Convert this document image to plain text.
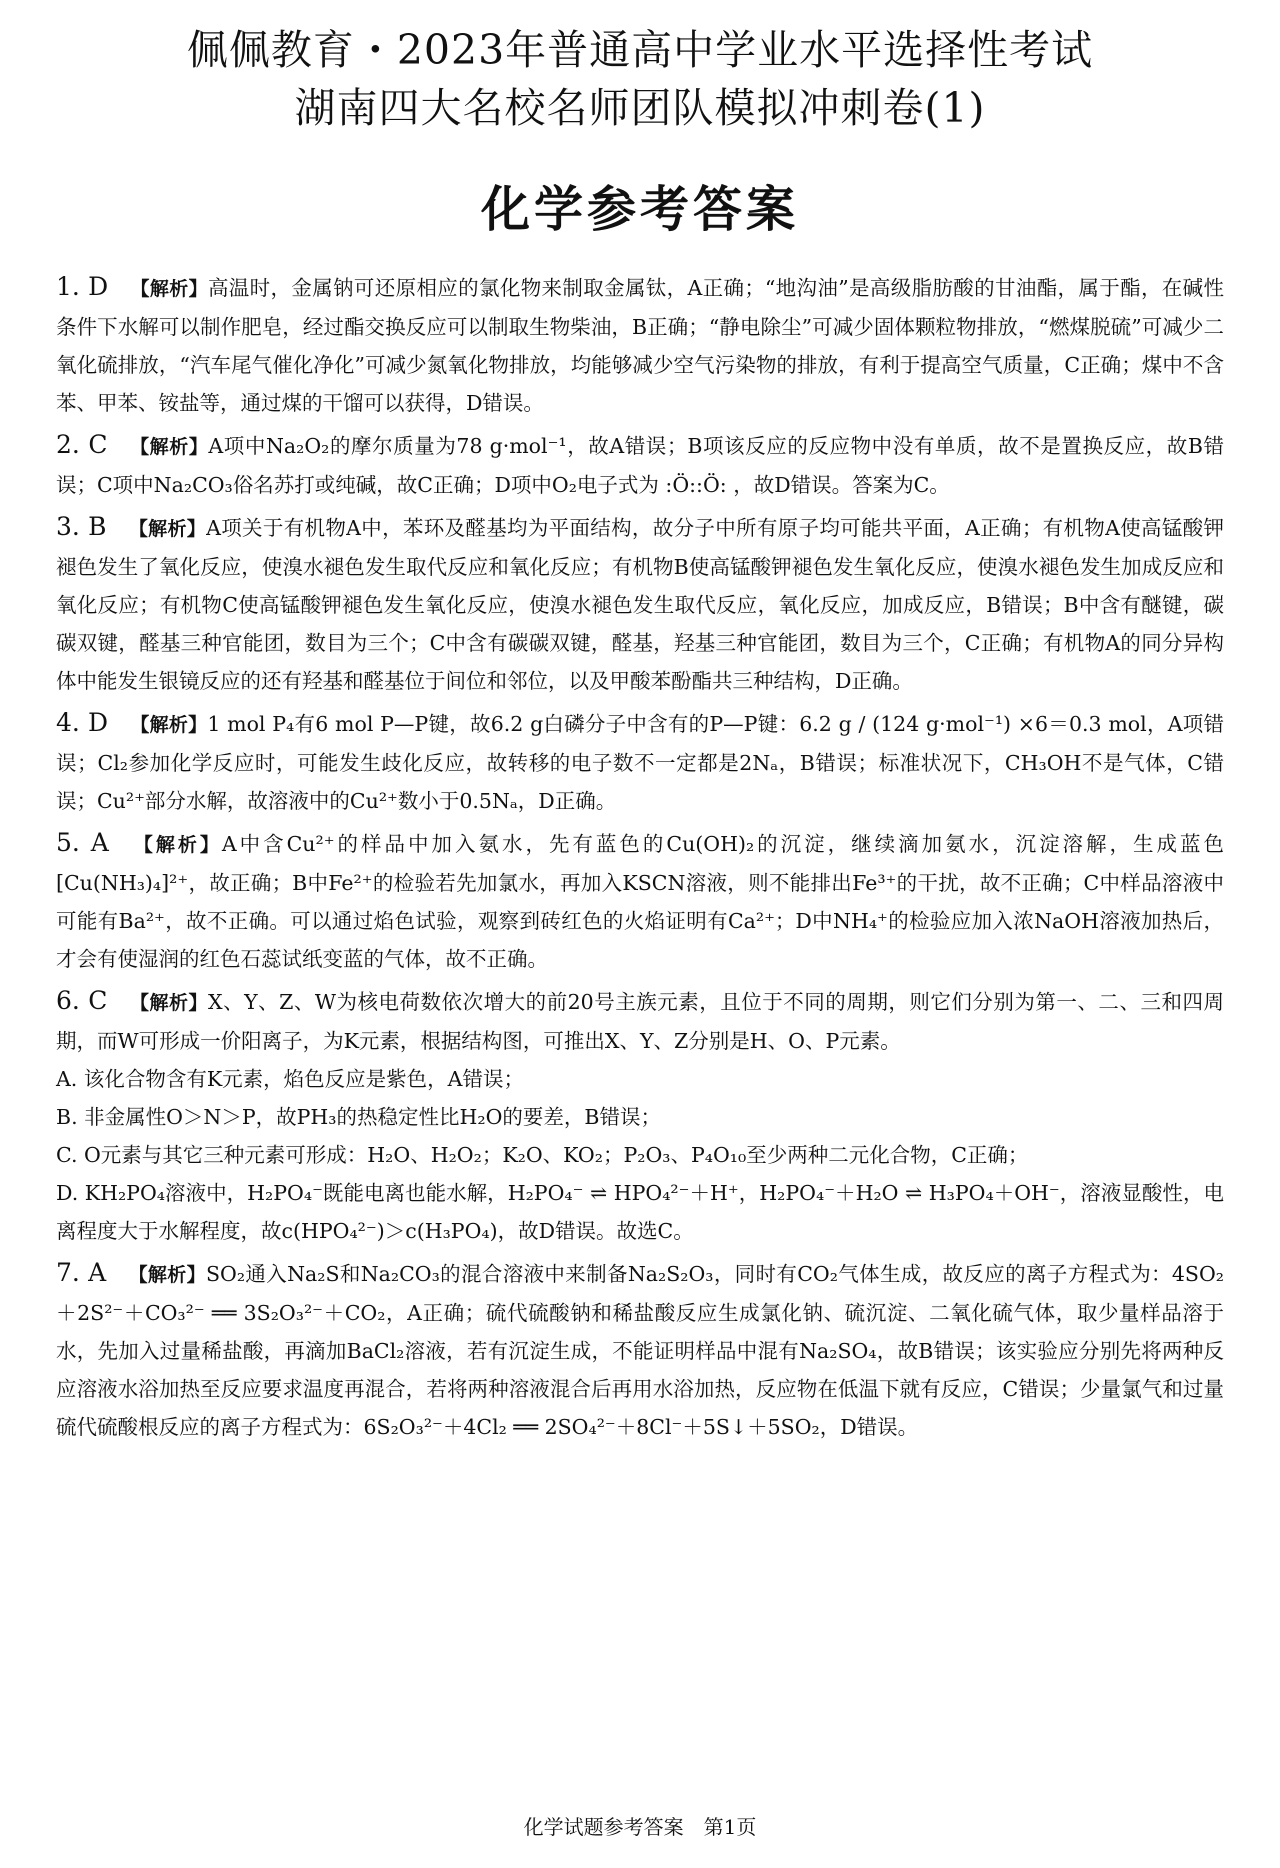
佩佩教育・2023年普通高中学业水平选择性考试
湖南四大名校名师团队模拟冲刺卷(1)
化学参考答案
1. D 【解析】高温时，金属钠可还原相应的氯化物来制取金属钛，A正确；“地沟油”是高级脂肪酸的甘油酯，属于酯，在碱性条件下水解可以制作肥皂，经过酯交换反应可以制取生物柴油，B正确；“静电除尘”可减少固体颗粒物排放，“燃煤脱硫”可减少二氧化硫排放，“汽车尾气催化净化”可减少氮氧化物排放，均能够减少空气污染物的排放，有利于提高空气质量，C正确；煤中不含苯、甲苯、铵盐等，通过煤的干馏可以获得，D错误。
2. C 【解析】A项中Na₂O₂的摩尔质量为78 g·mol⁻¹，故A错误；B项该反应的反应物中没有单质，故不是置换反应，故B错误；C项中Na₂CO₃俗名苏打或纯碱，故C正确；D项中O₂电子式为 :Ö::Ö: ，故D错误。答案为C。
3. B 【解析】A项关于有机物A中，苯环及醛基均为平面结构，故分子中所有原子均可能共平面，A正确；有机物A使高锰酸钾褪色发生了氧化反应，使溴水褪色发生取代反应和氧化反应；有机物B使高锰酸钾褪色发生氧化反应，使溴水褪色发生加成反应和氧化反应；有机物C使高锰酸钾褪色发生氧化反应，使溴水褪色发生取代反应，氧化反应，加成反应，B错误；B中含有醚键，碳碳双键，醛基三种官能团，数目为三个；C中含有碳碳双键，醛基，羟基三种官能团，数目为三个，C正确；有机物A的同分异构体中能发生银镜反应的还有羟基和醛基位于间位和邻位，以及甲酸苯酚酯共三种结构，D正确。
4. D 【解析】1 mol P₄有6 mol P—P键，故6.2 g白磷分子中含有的P—P键：6.2 g / (124 g·mol⁻¹) ×6＝0.3 mol，A项错误；Cl₂参加化学反应时，可能发生歧化反应，故转移的电子数不一定都是2Nₐ，B错误；标准状况下，CH₃OH不是气体，C错误；Cu²⁺部分水解，故溶液中的Cu²⁺数小于0.5Nₐ，D正确。
5. A 【解析】A中含Cu²⁺的样品中加入氨水，先有蓝色的Cu(OH)₂的沉淀，继续滴加氨水，沉淀溶解，生成蓝色[Cu(NH₃)₄]²⁺，故正确；B中Fe²⁺的检验若先加氯水，再加入KSCN溶液，则不能排出Fe³⁺的干扰，故不正确；C中样品溶液中可能有Ba²⁺，故不正确。可以通过焰色试验，观察到砖红色的火焰证明有Ca²⁺；D中NH₄⁺的检验应加入浓NaOH溶液加热后，才会有使湿润的红色石蕊试纸变蓝的气体，故不正确。
6. C 【解析】X、Y、Z、W为核电荷数依次增大的前20号主族元素，且位于不同的周期，则它们分别为第一、二、三和四周期，而W可形成一价阳离子，为K元素，根据结构图，可推出X、Y、Z分别是H、O、P元素。

A. 该化合物含有K元素，焰色反应是紫色，A错误；

B. 非金属性O＞N＞P，故PH₃的热稳定性比H₂O的要差，B错误；

C. O元素与其它三种元素可形成：H₂O、H₂O₂；K₂O、KO₂；P₂O₃、P₄O₁₀至少两种二元化合物，C正确；

D. KH₂PO₄溶液中，H₂PO₄⁻既能电离也能水解，H₂PO₄⁻ ⇌ HPO₄²⁻＋H⁺，H₂PO₄⁻＋H₂O ⇌ H₃PO₄＋OH⁻，溶液显酸性，电离程度大于水解程度，故c(HPO₄²⁻)＞c(H₃PO₄)，故D错误。故选C。

7. A 【解析】SO₂通入Na₂S和Na₂CO₃的混合溶液中来制备Na₂S₂O₃，同时有CO₂气体生成，故反应的离子方程式为：4SO₂＋2S²⁻＋CO₃²⁻ ══ 3S₂O₃²⁻＋CO₂，A正确；硫代硫酸钠和稀盐酸反应生成氯化钠、硫沉淀、二氧化硫气体，取少量样品溶于水，先加入过量稀盐酸，再滴加BaCl₂溶液，若有沉淀生成，不能证明样品中混有Na₂SO₄，故B错误；该实验应分别先将两种反应溶液水浴加热至反应要求温度再混合，若将两种溶液混合后再用水浴加热，反应物在低温下就有反应，C错误；少量氯气和过量硫代硫酸根反应的离子方程式为：6S₂O₃²⁻＋4Cl₂ ══ 2SO₄²⁻＋8Cl⁻＋5S↓＋5SO₂，D错误。
化学试题参考答案　第1页
